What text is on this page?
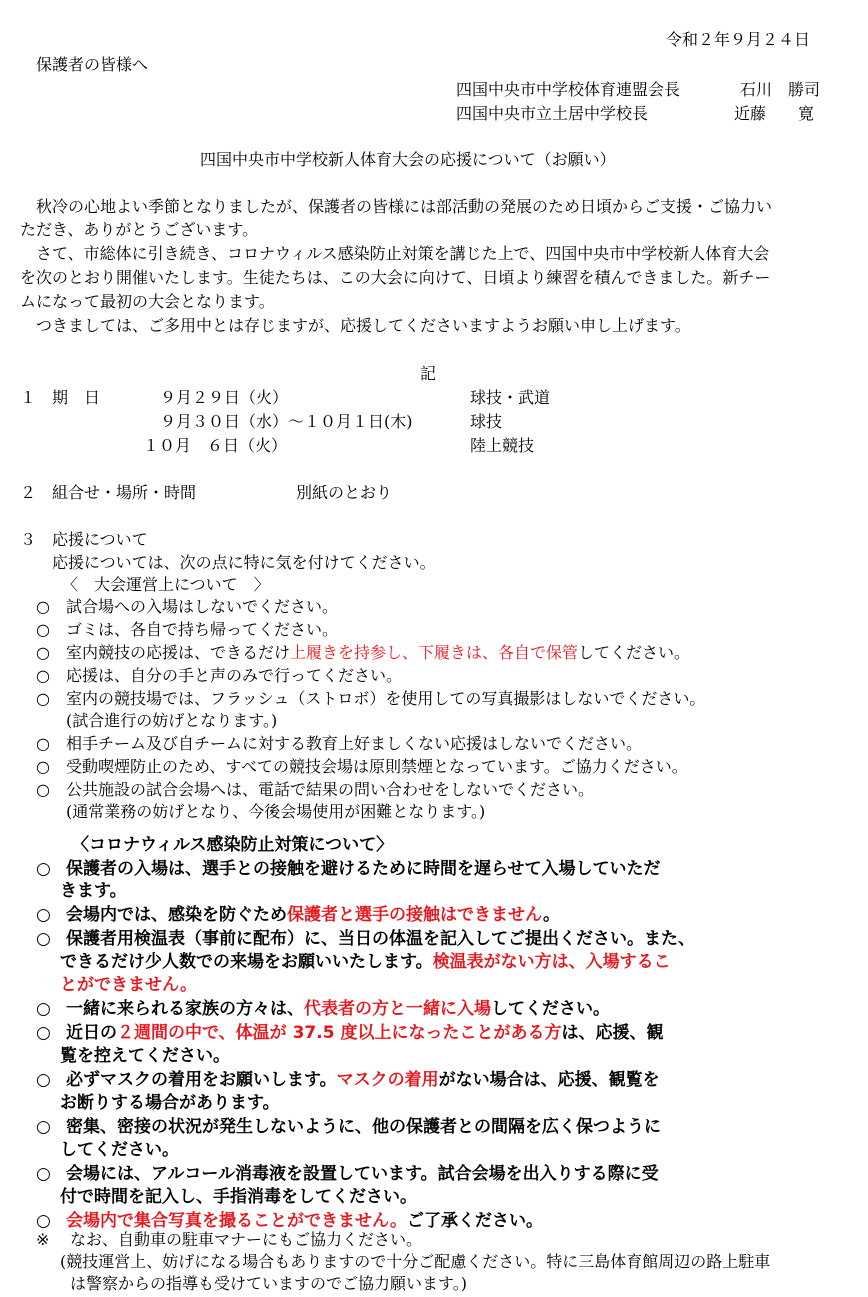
令和２年９月２４日
保護者の皆様へ
四国中央市中学校体育連盟会長	石川　勝司
四国中央市立土居中学校長	近藤　　寛
四国中央市中学校新人体育大会の応援について（お願い）
秋冷の心地よい季節となりましたが、保護者の皆様には部活動の発展のため日頃からご支援・ご協力い
ただき、ありがとうございます。
さて、市総体に引き続き、コロナウィルス感染防止対策を講じた上で、四国中央市中学校新人体育大会
を次のとおり開催いたします。生徒たちは、この大会に向けて、日頃より練習を積んできました。新チー
ムになって最初の大会となります。
つきましては、ご多用中とは存じますが、応援してくださいますようお願い申し上げます。
記
１ 期　日	９月２９日（火）	球技・武道
９月３０日（水）～１０月１日(木)	球技
１０月　６日（火）	陸上競技
２ 組合せ・場所・時間	別紙のとおり
３ 応援について
応援については、次の点に特に気を付けてください。
〈　大会運営上について　〉
○ 試合場への入場はしないでください。
○ ゴミは、各自で持ち帰ってください。
○ 室内競技の応援は、できるだけ上履きを持参し、下履きは、各自で保管してください。
○ 応援は、自分の手と声のみで行ってください。
○ 室内の競技場では、フラッシュ（ストロボ）を使用しての写真撮影はしないでください。
(試合進行の妨げとなります。)
○ 相手チーム及び自チームに対する教育上好ましくない応援はしないでください。
○ 受動喫煙防止のため、すべての競技会場は原則禁煙となっています。ご協力ください。
○ 公共施設の試合会場へは、電話で結果の問い合わせをしないでください。
(通常業務の妨げとなり、今後会場使用が困難となります。)
〈コロナウィルス感染防止対策について〉
○ 保護者の入場は、選手との接触を避けるために時間を遅らせて入場していただ
きます。
○ 会場内では、感染を防ぐため保護者と選手の接触はできません。
○ 保護者用検温表（事前に配布）に、当日の体温を記入してご提出ください。また、
できるだけ少人数での来場をお願いいたします。検温表がない方は、入場するこ
とができません。
○ 一緒に来られる家族の方々は、代表者の方と一緒に入場してください。
○ 近日の２週間の中で、体温が 37.5 度以上になったことがある方は、応援、観
覧を控えてください。
○ 必ずマスクの着用をお願いします。マスクの着用がない場合は、応援、観覧を
お断りする場合があります。
○ 密集、密接の状況が発生しないように、他の保護者との間隔を広く保つように
してください。
○ 会場には、アルコール消毒液を設置しています。試合会場を出入りする際に受
付で時間を記入し、手指消毒をしてください。
○ 会場内で集合写真を撮ることができません。ご了承ください。
※ なお、自動車の駐車マナーにもご協力ください。
(競技運営上、妨げになる場合もありますので十分ご配慮ください。特に三島体育館周辺の路上駐車
は警察からの指導も受けていますのでご協力願います。)
